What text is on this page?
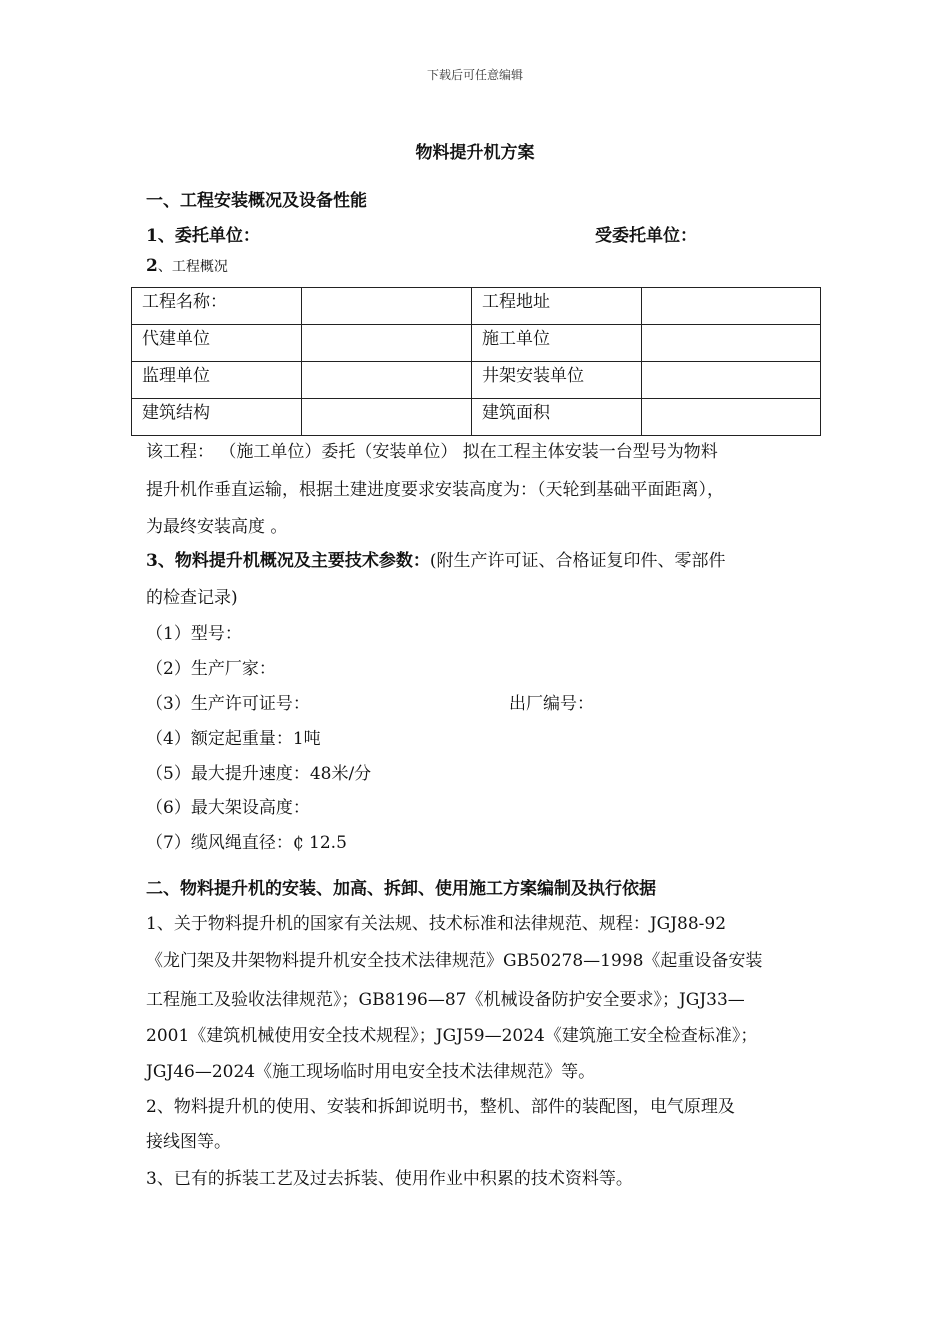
下载后可任意编辑
物料提升机方案
一、工程安装概况及设备性能
1、委托单位：	受委托单位：
2、工程概况
工程名称：		工程地址	
代建单位		施工单位	
监理单位		井架安装单位	
建筑结构		建筑面积	
该工程： （施工单位）委托（安装单位） 拟在工程主体安装一台型号为物料
提升机作垂直运输，根据土建进度要求安装高度为：（天轮到基础平面距离），
为最终安装高度 。
3、物料提升机概况及主要技术参数：(附生产许可证、合格证复印件、零部件
的检查记录)
（1）型号：
（2）生产厂家：
（3）生产许可证号：	出厂编号：
（4）额定起重量：1吨
（5）最大提升速度：48米/分
（6）最大架设高度：
（7）缆风绳直径：₵ 12.5
二、物料提升机的安装、加高、拆卸、使用施工方案编制及执行依据
1、关于物料提升机的国家有关法规、技术标准和法律规范、规程：JGJ88-92
《龙门架及井架物料提升机安全技术法律规范》GB50278—1998《起重设备安装
工程施工及验收法律规范》；GB8196—87《机械设备防护安全要求》；JGJ33—
2001《建筑机械使用安全技术规程》；JGJ59—2024《建筑施工安全检查标准》；
JGJ46—2024《施工现场临时用电安全技术法律规范》等。
2、物料提升机的使用、安装和拆卸说明书，整机、部件的装配图，电气原理及
接线图等。
3、已有的拆装工艺及过去拆装、使用作业中积累的技术资料等。
